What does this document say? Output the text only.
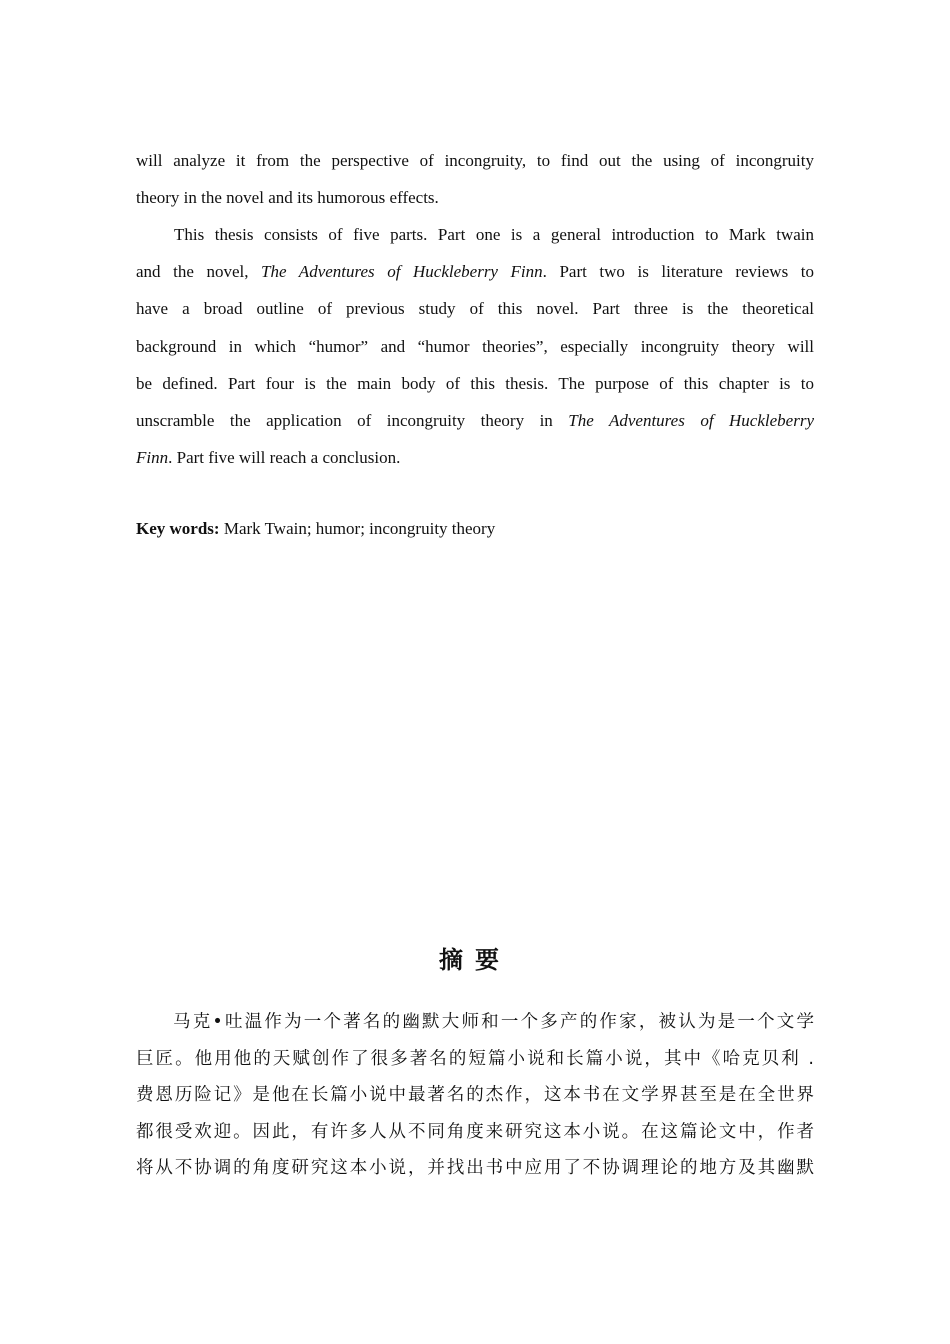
will analyze it from the perspective of incongruity, to find out the using of incongruity
theory in the novel and its humorous effects.
This thesis consists of five parts. Part one is a general introduction to Mark twain
and the novel, The Adventures of Huckleberry Finn. Part two is literature reviews to
have a broad outline of previous study of this novel. Part three is the theoretical
background in which “humor” and “humor theories”, especially incongruity theory will
be defined. Part four is the main body of this thesis. The purpose of this chapter is to
unscramble the application of incongruity theory in The Adventures of Huckleberry
Finn. Part five will reach a conclusion.
Key words: Mark Twain; humor; incongruity theory
摘要
马克•吐温作为一个著名的幽默大师和一个多产的作家，被认为是一个文学
巨匠。他用他的天赋创作了很多著名的短篇小说和长篇小说，其中《哈克贝利 .
费恩历险记》是他在长篇小说中最著名的杰作，这本书在文学界甚至是在全世界
都很受欢迎。因此，有许多人从不同角度来研究这本小说。在这篇论文中，作者
将从不协调的角度研究这本小说，并找出书中应用了不协调理论的地方及其幽默
